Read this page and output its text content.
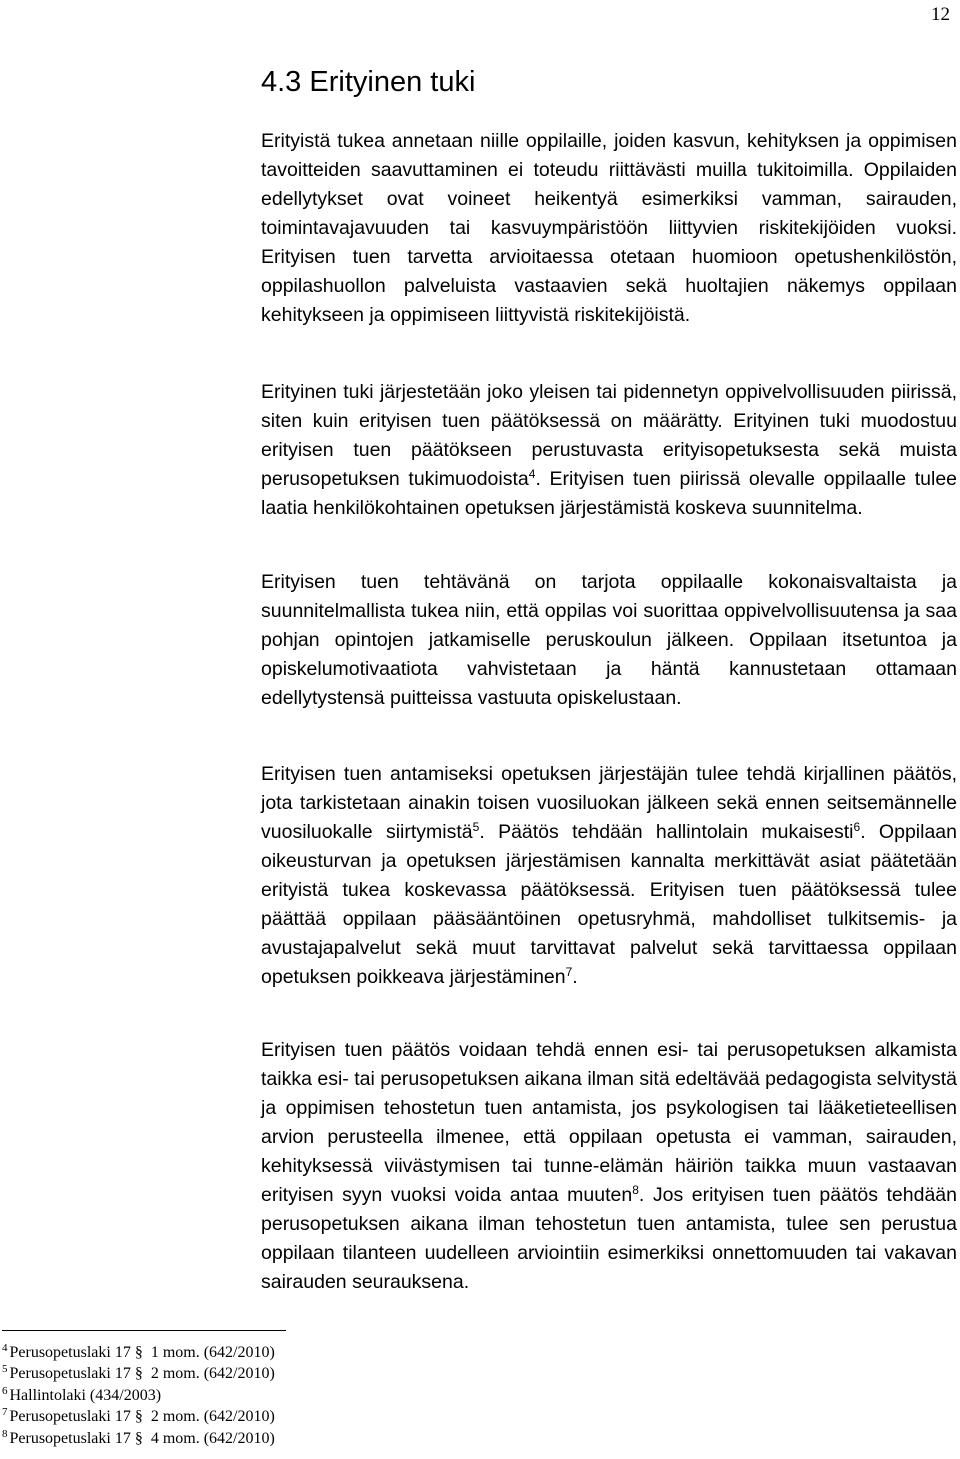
12
4.3 Erityinen tuki

Erityistä tukea annetaan niille oppilaille, joiden kasvun, kehityksen ja oppimisen tavoitteiden saavuttaminen ei toteudu riittävästi muilla tukitoimilla. Oppilaiden edellytykset ovat voineet heikentyä esimerkiksi vamman, sairauden, toimintavajavuuden tai kasvuympäristöön liittyvien riskitekijöiden vuoksi. Erityisen tuen tarvetta arvioitaessa otetaan huomioon opetushenkilöstön, oppilashuollon palveluista vastaavien sekä huoltajien näkemys oppilaan kehitykseen ja oppimiseen liittyvistä riskitekijöistä.

Erityinen tuki järjestetään joko yleisen tai pidennetyn oppivelvollisuuden piirissä, siten kuin erityisen tuen päätöksessä on määrätty. Erityinen tuki muodostuu erityisen tuen päätökseen perustuvasta erityisopetuksesta sekä muista perusopetuksen tukimuodoista$^4$. Erityisen tuen piirissä olevalle oppilaalle tulee laatia henkilökohtainen opetuksen järjestämistä koskeva suunnitelma.

Erityisen tuen tehtävänä on tarjota oppilaalle kokonaisvaltaista ja suunnitelmallista tukea niin, että oppilas voi suorittaa oppivelvollisuutensa ja saa pohjan opintojen jatkamiselle peruskoulun jälkeen. Oppilaan itsetuntoa ja opiskelumotivaatiota vahvistetaan ja häntä kannustetaan ottamaan edellytystensä puitteissa vastuuta opiskelustaan.

Erityisen tuen antamiseksi opetuksen järjestäjän tulee tehdä kirjallinen päätös, jota tarkistetaan ainakin toisen vuosiluokan jälkeen sekä ennen seitsemännelle vuosiluokalle siirtymistä$^5$. Päätös tehdään hallintolain mukaisesti$^6$. Oppilaan oikeusturvan ja opetuksen järjestämisen kannalta merkittävät asiat päätetään erityistä tukea koskevassa päätöksessä. Erityisen tuen päätöksessä tulee päättää oppilaan pääsääntöinen opetusryhmä, mahdolliset tulkitsemis- ja avustajapalvelut sekä muut tarvittavat palvelut sekä tarvittaessa oppilaan opetuksen poikkeava järjestäminen$^7$.

Erityisen tuen päätös voidaan tehdä ennen esi- tai perusopetuksen alkamista taikka esi- tai perusopetuksen aikana ilman sitä edeltävää pedagogista selvitystä ja oppimisen tehostetun tuen antamista, jos psykologisen tai lääketieteellisen arvion perusteella ilmenee, että oppilaan opetusta ei vamman, sairauden, kehityksessä viivästymisen tai tunne-elämän häiriön taikka muun vastaavan erityisen syyn vuoksi voida antaa muuten$^8$. Jos erityisen tuen päätös tehdään perusopetuksen aikana ilman tehostetun tuen antamista, tulee sen perustua oppilaan tilanteen uudelleen arviointiin esimerkiksi onnettomuuden tai vakavan sairauden seurauksena.

$^4$ Perusopetuslaki 17 § 1 mom. (642/2010)
$^5$ Perusopetuslaki 17 § 2 mom. (642/2010)
$^6$ Hallintolaki (434/2003)
$^7$ Perusopetuslaki 17 § 2 mom. (642/2010)
$^8$ Perusopetuslaki 17 § 4 mom. (642/2010)
